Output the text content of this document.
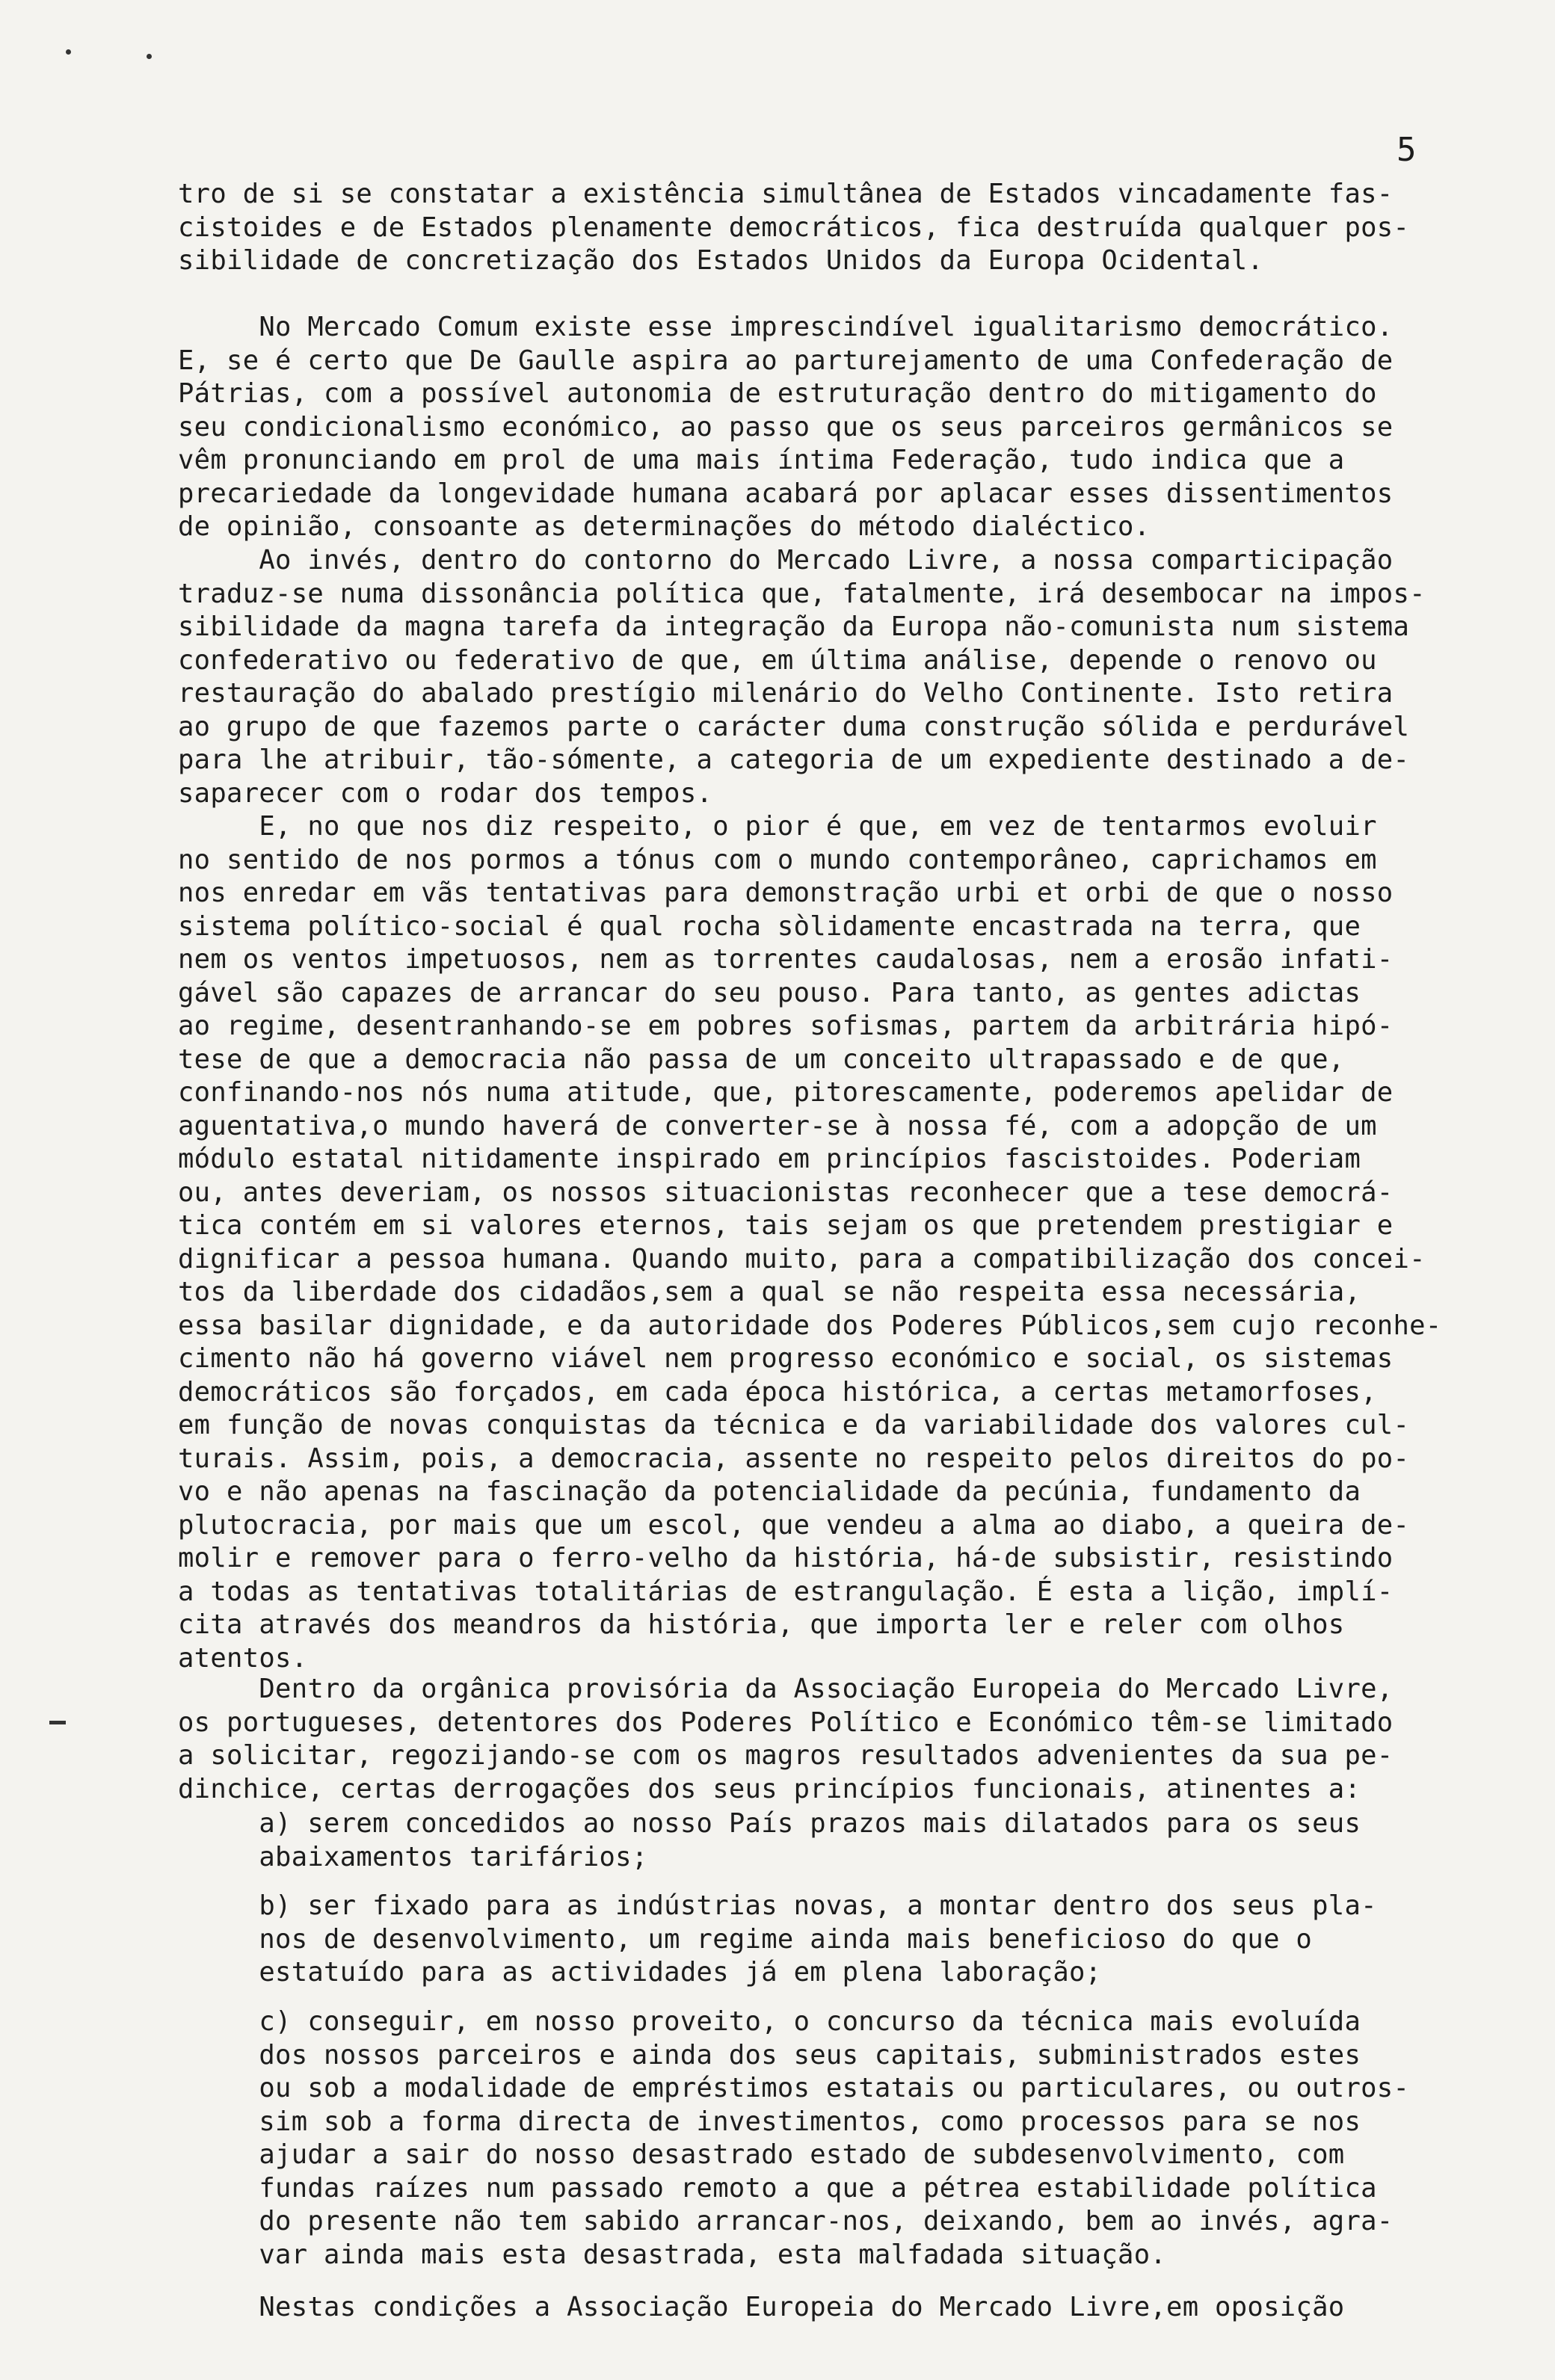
5
tro de si se constatar a existência simultânea de Estados vincadamente fas-
cistoides e de Estados plenamente democráticos, fica destruída qualquer pos-
sibilidade de concretização dos Estados Unidos da Europa Ocidental.
No Mercado Comum existe esse imprescindível igualitarismo democrático.
E, se é certo que De Gaulle aspira ao parturejamento de uma Confederação de
Pátrias, com a possível autonomia de estruturação dentro do mitigamento do
seu condicionalismo económico, ao passo que os seus parceiros germânicos se
vêm pronunciando em prol de uma mais íntima Federação, tudo indica que a
precariedade da longevidade humana acabará por aplacar esses dissentimentos
de opinião, consoante as determinações do método dialéctico.
Ao invés, dentro do contorno do Mercado Livre, a nossa comparticipação
traduz-se numa dissonância política que, fatalmente, irá desembocar na impos-
sibilidade da magna tarefa da integração da Europa não-comunista num sistema
confederativo ou federativo de que, em última análise, depende o renovo ou
restauração do abalado prestígio milenário do Velho Continente. Isto retira
ao grupo de que fazemos parte o carácter duma construção sólida e perdurável
para lhe atribuir, tão-sómente, a categoria de um expediente destinado a de-
saparecer com o rodar dos tempos.
E, no que nos diz respeito, o pior é que, em vez de tentarmos evoluir
no sentido de nos pormos a tónus com o mundo contemporâneo, caprichamos em
nos enredar em vãs tentativas para demonstração urbi et orbi de que o nosso
sistema político-social é qual rocha sòlidamente encastrada na terra, que
nem os ventos impetuosos, nem as torrentes caudalosas, nem a erosão infati-
gável são capazes de arrancar do seu pouso. Para tanto, as gentes adictas
ao regime, desentranhando-se em pobres sofismas, partem da arbitrária hipó-
tese de que a democracia não passa de um conceito ultrapassado e de que,
confinando-nos nós numa atitude, que, pitorescamente, poderemos apelidar de
aguentativa,o mundo haverá de converter-se à nossa fé, com a adopção de um
módulo estatal nitidamente inspirado em princípios fascistoides. Poderiam
ou, antes deveriam, os nossos situacionistas reconhecer que a tese democrá-
tica contém em si valores eternos, tais sejam os que pretendem prestigiar e
dignificar a pessoa humana. Quando muito, para a compatibilização dos concei-
tos da liberdade dos cidadãos,sem a qual se não respeita essa necessária,
essa basilar dignidade, e da autoridade dos Poderes Públicos,sem cujo reconhe-
cimento não há governo viável nem progresso económico e social, os sistemas
democráticos são forçados, em cada época histórica, a certas metamorfoses,
em função de novas conquistas da técnica e da variabilidade dos valores cul-
turais. Assim, pois, a democracia, assente no respeito pelos direitos do po-
vo e não apenas na fascinação da potencialidade da pecúnia, fundamento da
plutocracia, por mais que um escol, que vendeu a alma ao diabo, a queira de-
molir e remover para o ferro-velho da história, há-de subsistir, resistindo
a todas as tentativas totalitárias de estrangulação. É esta a lição, implí-
cita através dos meandros da história, que importa ler e reler com olhos
atentos.
Dentro da orgânica provisória da Associação Europeia do Mercado Livre,
os portugueses, detentores dos Poderes Político e Económico têm-se limitado
a solicitar, regozijando-se com os magros resultados advenientes da sua pe-
dinchice, certas derrogações dos seus princípios funcionais, atinentes a:
a) serem concedidos ao nosso País prazos mais dilatados para os seus
abaixamentos tarifários;
b) ser fixado para as indústrias novas, a montar dentro dos seus pla-
nos de desenvolvimento, um regime ainda mais beneficioso do que o
estatuído para as actividades já em plena laboração;
c) conseguir, em nosso proveito, o concurso da técnica mais evoluída
dos nossos parceiros e ainda dos seus capitais, subministrados estes
ou sob a modalidade de empréstimos estatais ou particulares, ou outros-
sim sob a forma directa de investimentos, como processos para se nos
ajudar a sair do nosso desastrado estado de subdesenvolvimento, com
fundas raízes num passado remoto a que a pétrea estabilidade política
do presente não tem sabido arrancar-nos, deixando, bem ao invés, agra-
var ainda mais esta desastrada, esta malfadada situação.
Nestas condições a Associação Europeia do Mercado Livre,em oposição
